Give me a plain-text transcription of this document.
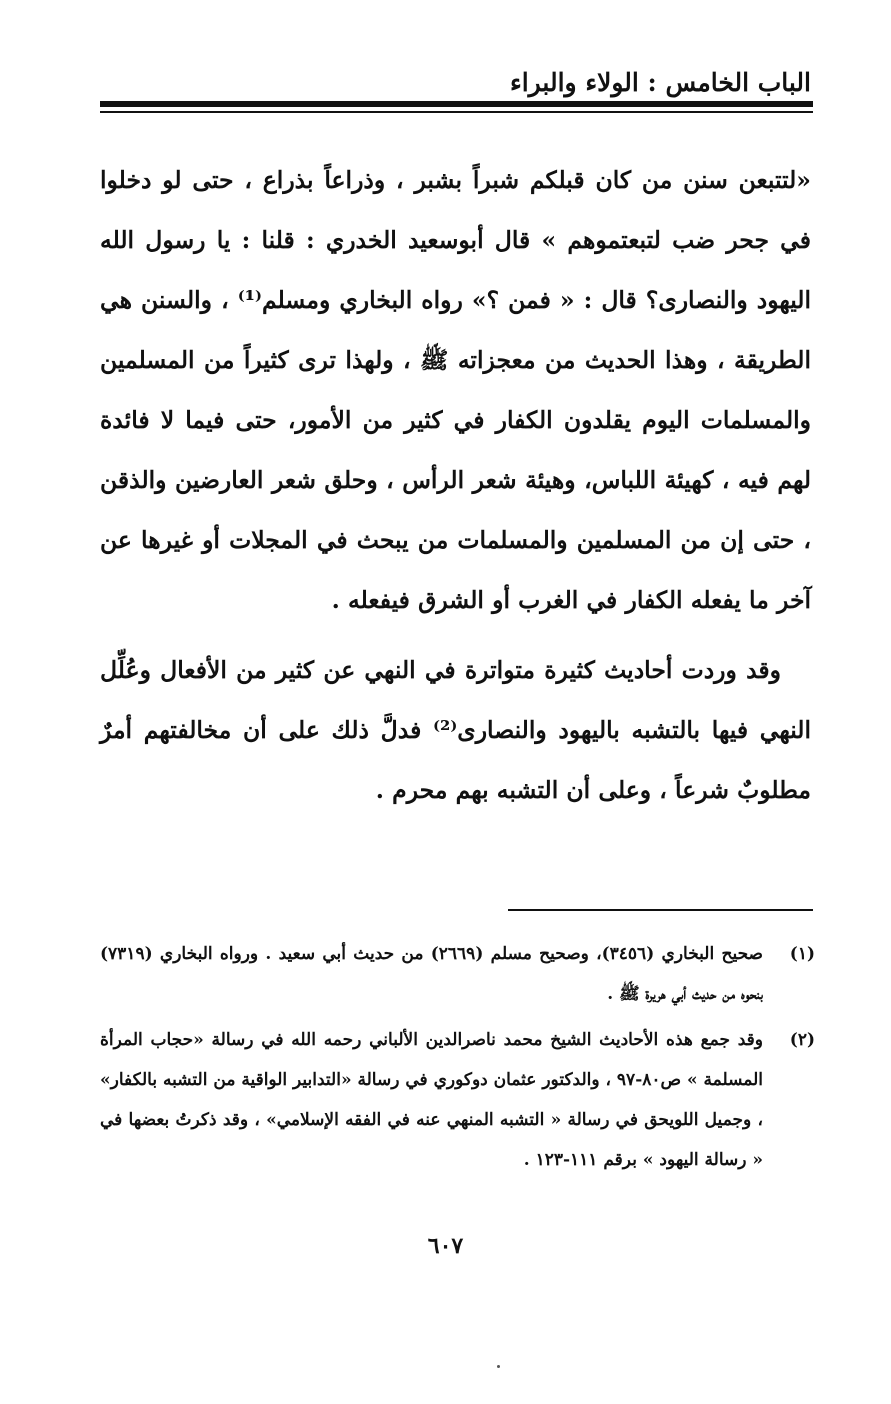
الباب الخامس : الولاء والبراء

«لتتبعن سنن من كان قبلكم شبراً بشبر ، وذراعاً بذراع ، حتى لو دخلوا في جحر ضب لتبعتموهم » قال أبوسعيد الخدري : قلنا : يا رسول الله اليهود والنصارى؟ قال : « فمن ؟» رواه البخاري ومسلم⁽¹⁾ ، والسنن هي الطريقة ، وهذا الحديث من معجزاته ﷺ ، ولهذا ترى كثيراً من المسلمين والمسلمات اليوم يقلدون الكفار في كثير من الأمور، حتى فيما لا فائدة لهم فيه ، كهيئة اللباس، وهيئة شعر الرأس ، وحلق شعر العارضين والذقن ، حتى إن من المسلمين والمسلمات من يبحث في المجلات أو غيرها عن آخر ما يفعله الكفار في الغرب أو الشرق فيفعله .

وقد وردت أحاديث كثيرة متواترة في النهي عن كثير من الأفعال وعُلِّل النهي فيها بالتشبه باليهود والنصارى⁽²⁾ فدلَّ ذلك على أن مخالفتهم أمرٌ مطلوبٌ شرعاً ، وعلى أن التشبه بهم محرم .

(١)
صحيح البخاري (٣٤٥٦)، وصحيح مسلم (٢٦٦٩) من حديث أبي سعيد . ورواه البخاري (٧٣١٩) بنحوه من حديث أبي هريرة ﷺ .
(٢)
وقد جمع هذه الأحاديث الشيخ محمد ناصرالدين الألباني رحمه الله في رسالة «حجاب المرأة المسلمة » ص٨٠-٩٧ ، والدكتور عثمان دوكوري في رسالة «التدابير الواقية من التشبه بالكفار» ، وجميل اللويحق في رسالة « التشبه المنهي عنه في الفقه الإسلامي» ، وقد ذكرتُ بعضها في « رسالة اليهود » برقم ١١١-١٢٣ .
٦٠٧
